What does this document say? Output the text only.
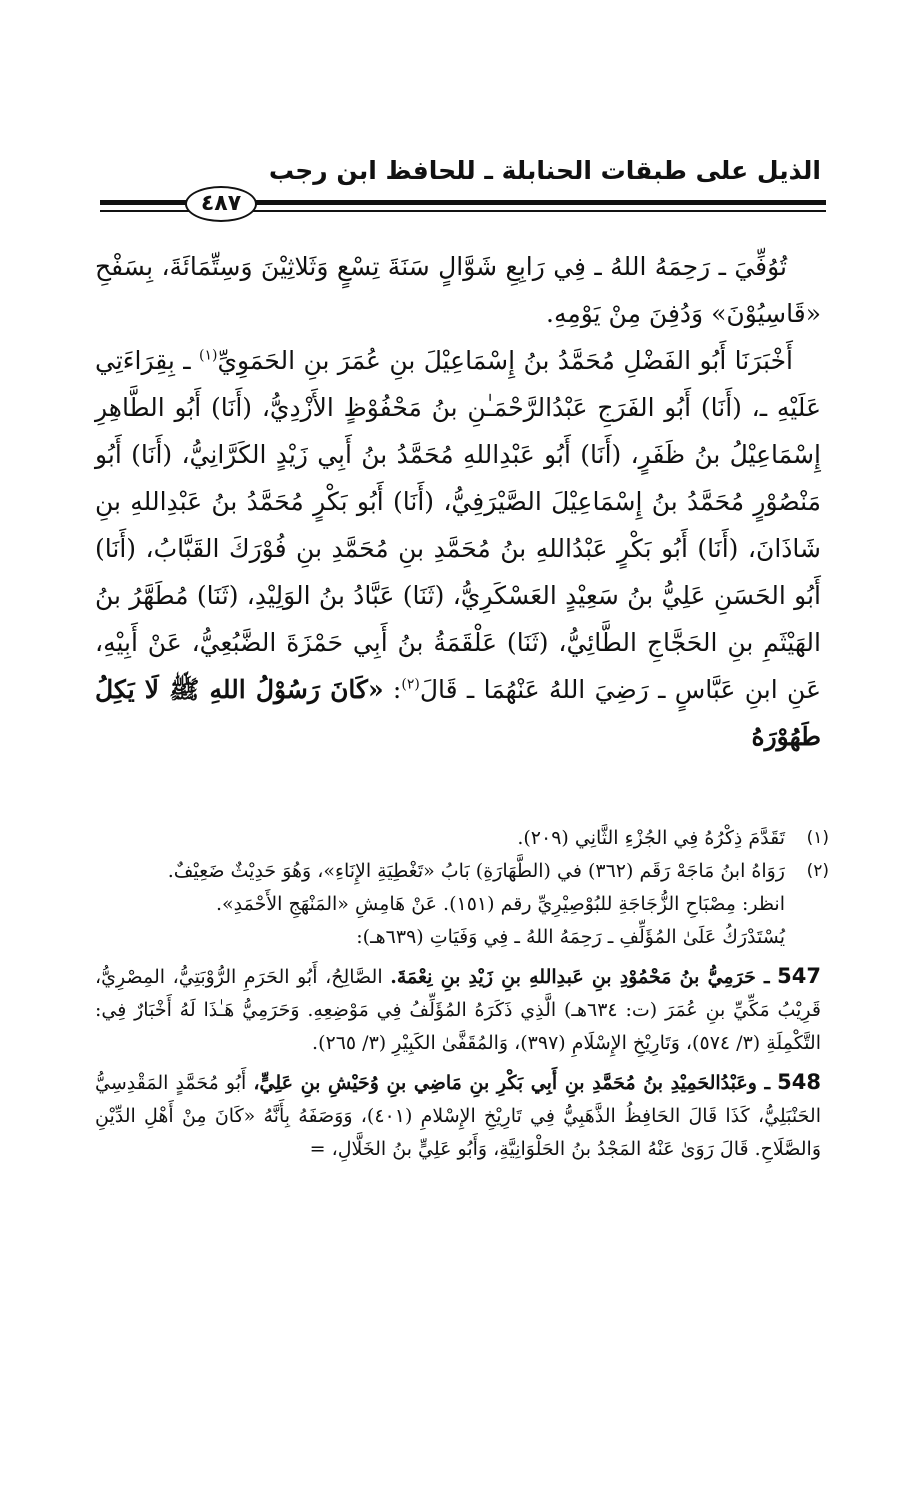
الذيل على طبقات الحنابلة ـ للحافظ ابن رجب
٤٨٧

تُوُفِّيَ ـ رَحِمَهُ اللهُ ـ فِي رَابِعِ شَوَّالٍ سَنَةَ تِسْعٍ وَثَلاثِيْنَ وَسِتِّمَائَةَ، بِسَفْحِ «قَاسِيُوْنَ» وَدُفِنَ مِنْ يَوْمِهِ.

أَخْبَرَنَا أَبُو الفَضْلِ مُحَمَّدُ بنُ إِسْمَاعِيْلَ بنِ عُمَرَ بنِ الحَمَوِيِّ$^{(١)}$ ـ بِقِرَاءَتِي عَلَيْهِ ـ، (أَنَا) أَبُو الفَرَجِ عَبْدُالرَّحْمَـٰنِ بنُ مَحْفُوْظٍ الأَزْدِيُّ، (أَنَا) أَبُو الطَّاهِرِ إِسْمَاعِيْلُ بنُ ظَفَرٍ، (أَنَا) أَبُو عَبْدِاللهِ مُحَمَّدُ بنُ أَبِي زَيْدٍ الكَرَّانِيُّ، (أَنَا) أَبُو مَنْصُوْرٍ مُحَمَّدُ بنُ إِسْمَاعِيْلَ الصَّيْرَفِيُّ، (أَنَا) أَبُو بَكْرٍ مُحَمَّدُ بنُ عَبْدِاللهِ بنِ شَاذَانَ، (أَنَا) أَبُو بَكْرٍ عَبْدُاللهِ بنُ مُحَمَّدِ بنِ مُحَمَّدِ بنِ فُوْرَكَ القَبَّابُ، (أَنَا) أَبُو الحَسَنِ عَلِيُّ بنُ سَعِيْدٍ العَسْكَرِيُّ، (ثَنَا) عَبَّادُ بنُ الوَلِيْدِ، (ثَنَا) مُطَهَّرُ بنُ الهَيْثَمِ بنِ الحَجَّاجِ الطَّائِيُّ، (ثَنَا) عَلْقَمَةُ بنُ أَبِي حَمْزَةَ الضَّبُعِيُّ، عَنْ أَبِيْهِ، عَنِ ابنِ عَبَّاسٍ ـ رَضِيَ اللهُ عَنْهُمَا ـ قَالَ$^{(٢)}$: «كَانَ رَسُوْلُ اللهِ ﷺ لَا يَكِلُ طَهُوْرَهُ

(١)
تَقَدَّمَ ذِكْرُهُ فِي الجُزْءِ الثَّانِي (٢٠٩).
(٢)
رَوَاهُ ابنُ مَاجَهْ رَقَم (٣٦٢) في (الطَّهَارَةِ) بَابُ «تَغْطِيَةِ الإِنَاءِ»، وَهُوَ حَدِيْثٌ ضَعِيْفٌ.
انظر: مِصْبَاحِ الزُّجَاجَةِ للبُوْصِيْرِيِّ رقم (١٥١). عَنْ هَامِشِ «المَنْهَجِ الأَحْمَدِ».
يُسْتَدْرَكُ عَلَىٰ المُؤَلِّفِ ـ رَحِمَهُ اللهُ ـ فِي وَفَيَاتِ (٦٣٩هـ):
547 ـ حَرَمِيُّ بنُ مَحْمُوْدِ بنِ عَبدِاللهِ بنِ زَيْدِ بنِ نِعْمَةَ. الصَّالِحُ، أَبُو الحَرَمِ الرُّوْبَتِيُّ، المِصْرِيُّ، قَرِيْبُ مَكِّيِّ بنِ عُمَرَ (ت: ٦٣٤هـ) الَّذِي ذَكَرَهُ المُؤَلِّفُ فِي مَوْضِعِهِ. وَحَرَمِيُّ هَـٰذَا لَهُ أَخْبَارٌ فِي: التَّكْمِلَةِ (٣/ ٥٧٤)، وَتَارِيْخِ الإِسْلَامِ (٣٩٧)، وَالمُقَفَّىٰ الكَبِيْرِ (٣/ ٢٦٥).
548 ـ وعَبْدُالحَمِيْدِ بنُ مُحَمَّدِ بنِ أَبِي بَكْرِ بنِ مَاضِي بنِ وُحَيْشِ بنِ عَلِيٍّ، أَبُو مُحَمَّدٍ المَقْدِسِيُّ الحَنْبَلِيُّ، كَذَا قَالَ الحَافِظُ الذَّهَبِيُّ فِي تَارِيْخِ الإِسْلامِ (٤٠١)، وَوَصَفَهُ بِأَنَّهُ «كَانَ مِنْ أَهْلِ الدِّيْنِ وَالصَّلَاحِ. قَالَ رَوَىٰ عَنْهُ المَجْدُ بنُ الحَلْوَانِيَّةِ، وَأَبُو عَلِيٍّ بنُ الخَلَّالِ، =
